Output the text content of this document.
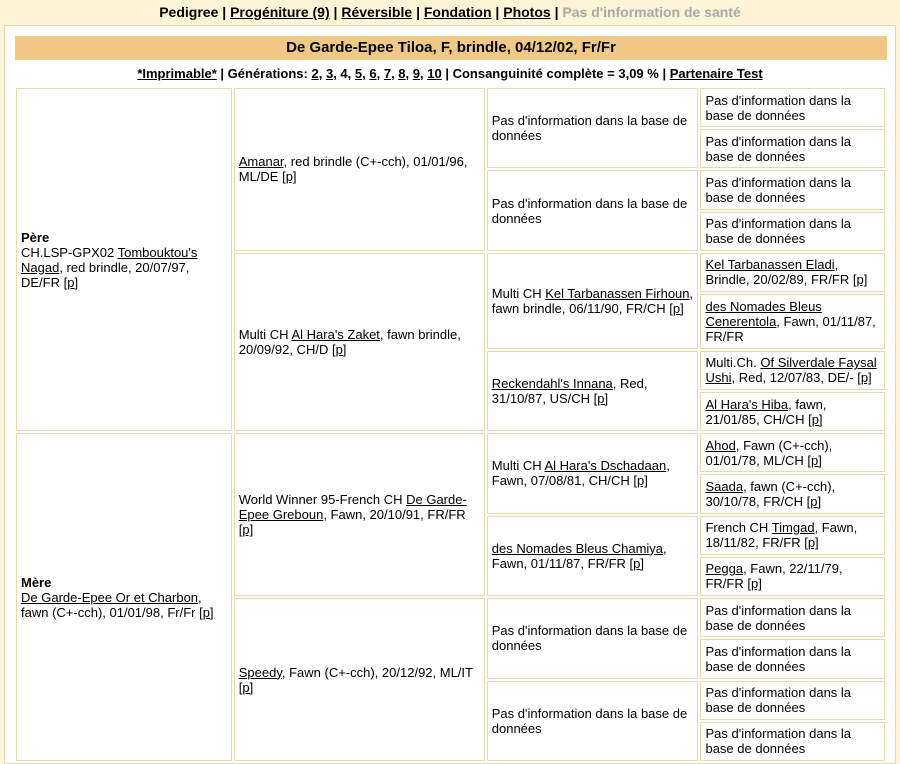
Pedigree | Progéniture (9) | Réversible | Fondation | Photos | Pas d'information de santé
De Garde-Epee Tiloa, F, brindle, 04/12/02, Fr/Fr
*Imprimable* | Générations: 2, 3, 4, 5, 6, 7, 8, 9, 10 | Consanguinité complète = 3,09 % | Partenaire Test
Père
CH.LSP-GPX02 Tombouktou's Nagad, red brindle, 20/07/97, DE/FR [p]	Amanar, red brindle (C+-cch), 01/01/96, ML/DE [p]	Pas d'information dans la base de données	Pas d'information dans la base de données
			Pas d'information dans la base de données
		Pas d'information dans la base de données	Pas d'information dans la base de données
			Pas d'information dans la base de données
	Multi CH Al Hara's Zaket, fawn brindle, 20/09/92, CH/D [p]	Multi CH Kel Tarbanassen Firhoun, fawn brindle, 06/11/90, FR/CH [p]	Kel Tarbanassen Eladi, Brindle, 20/02/89, FR/FR [p]
			des Nomades Bleus Cenerentola, Fawn, 01/11/87, FR/FR
		Reckendahl's Innana, Red, 31/10/87, US/CH [p]	Multi.Ch. Of Silverdale Faysal Ushi, Red, 12/07/83, DE/- [p]
			Al Hara's Hiba, fawn, 21/01/85, CH/CH [p]

Mère
De Garde-Epee Or et Charbon, fawn (C+-cch), 01/01/98, Fr/Fr [p]	World Winner 95-French CH De Garde-Epee Greboun, Fawn, 20/10/91, FR/FR [p]	Multi CH Al Hara's Dschadaan, Fawn, 07/08/81, CH/CH [p]	Ahod, Fawn (C+-cch), 01/01/78, ML/CH [p]
			Saada, fawn (C+-cch), 30/10/78, FR/CH [p]
		des Nomades Bleus Chamiya, Fawn, 01/11/87, FR/FR [p]	French CH Timgad, Fawn, 18/11/82, FR/FR [p]
			Pegga, Fawn, 22/11/79, FR/FR [p]
	Speedy, Fawn (C+-cch), 20/12/92, ML/IT [p]	Pas d'information dans la base de données	Pas d'information dans la base de données
			Pas d'information dans la base de données
		Pas d'information dans la base de données	Pas d'information dans la base de données
			Pas d'information dans la base de données
